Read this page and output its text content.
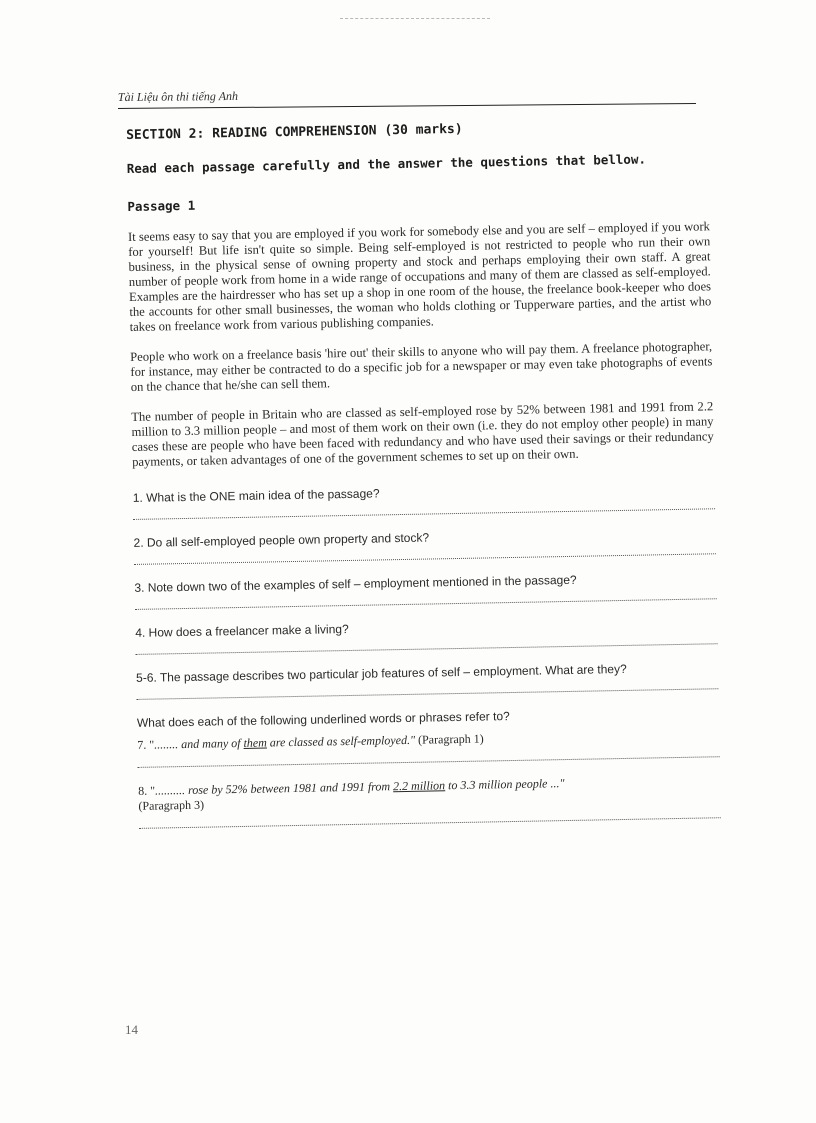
Tài Liệu ôn thi tiếng Anh
SECTION 2: READING COMPREHENSION (30 marks)
Read each passage carefully and the answer the questions that bellow.
Passage 1

It seems easy to say that you are employed if you work for somebody else and you are self – employed if you work for yourself! But life isn't quite so simple. Being self-employed is not restricted to people who run their own business, in the physical sense of owning property and stock and perhaps employing their own staff. A great number of people work from home in a wide range of occupations and many of them are classed as self-employed. Examples are the hairdresser who has set up a shop in one room of the house, the freelance book-keeper who does the accounts for other small businesses, the woman who holds clothing or Tupperware parties, and the artist who takes on freelance work from various publishing companies.

People who work on a freelance basis 'hire out' their skills to anyone who will pay them. A freelance photographer, for instance, may either be contracted to do a specific job for a newspaper or may even take photographs of events on the chance that he/she can sell them.

The number of people in Britain who are classed as self-employed rose by 52% between 1981 and 1991 from 2.2 million to 3.3 million people – and most of them work on their own (i.e. they do not employ other people) in many cases these are people who have been faced with redundancy and who have used their savings or their redundancy payments, or taken advantages of one of the government schemes to set up on their own.

1. What is the ONE main idea of the passage?

2. Do all self-employed people own property and stock?

3. Note down two of the examples of self – employment mentioned in the passage?

4. How does a freelancer make a living?

5-6. The passage describes two particular job features of self – employment. What are they?

What does each of the following underlined words or phrases refer to?

7. "........ and many of them are classed as self-employed." (Paragraph 1)

8. ".......... rose by 52% between 1981 and 1991 from 2.2 million to 3.3 million people ..."

(Paragraph 3)

14
